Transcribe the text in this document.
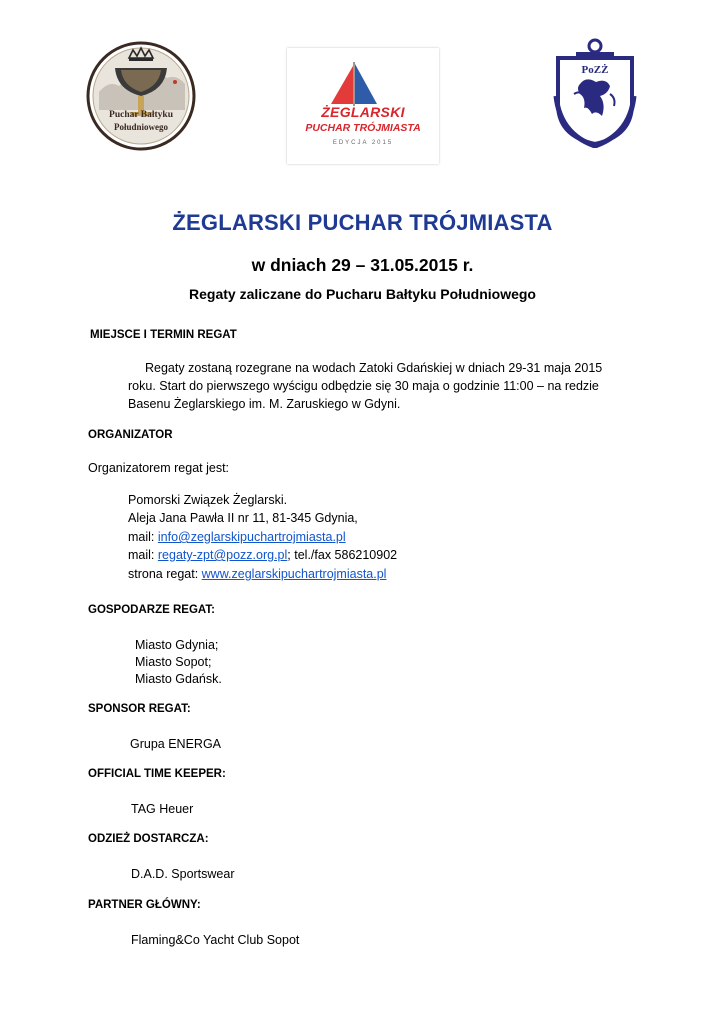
Puchar Bałtyku
Południowego
ŻEGLARSKI
PUCHAR TRÓJMIASTA
EDYCJA 2015
PoZŻ
ŻEGLARSKI PUCHAR TRÓJMIASTA
w dniach 29 – 31.05.2015 r.
Regaty zaliczane do Pucharu Bałtyku Południowego
MIEJSCE I TERMIN REGAT
Regaty zostaną rozegrane na wodach Zatoki Gdańskiej w dniach 29-31 maja 2015
roku. Start do pierwszego wyścigu odbędzie się 30 maja o godzinie 11:00 – na redzie
Basenu Żeglarskiego im. M. Zaruskiego w Gdyni.
ORGANIZATOR
Organizatorem regat jest:
Pomorski Związek Żeglarski.
Aleja Jana Pawła II nr 11, 81-345 Gdynia,
mail: info@zeglarskipuchartrojmiasta.pl
mail: regaty-zpt@pozz.org.pl; tel./fax 586210902
strona regat: www.zeglarskipuchartrojmiasta.pl
GOSPODARZE REGAT:
Miasto Gdynia;
Miasto Sopot;
Miasto Gdańsk.
SPONSOR REGAT:
Grupa ENERGA
OFFICIAL TIME KEEPER:
TAG Heuer
ODZIEŻ DOSTARCZA:
D.A.D. Sportswear
PARTNER GŁÓWNY:
Flaming&Co Yacht Club Sopot
